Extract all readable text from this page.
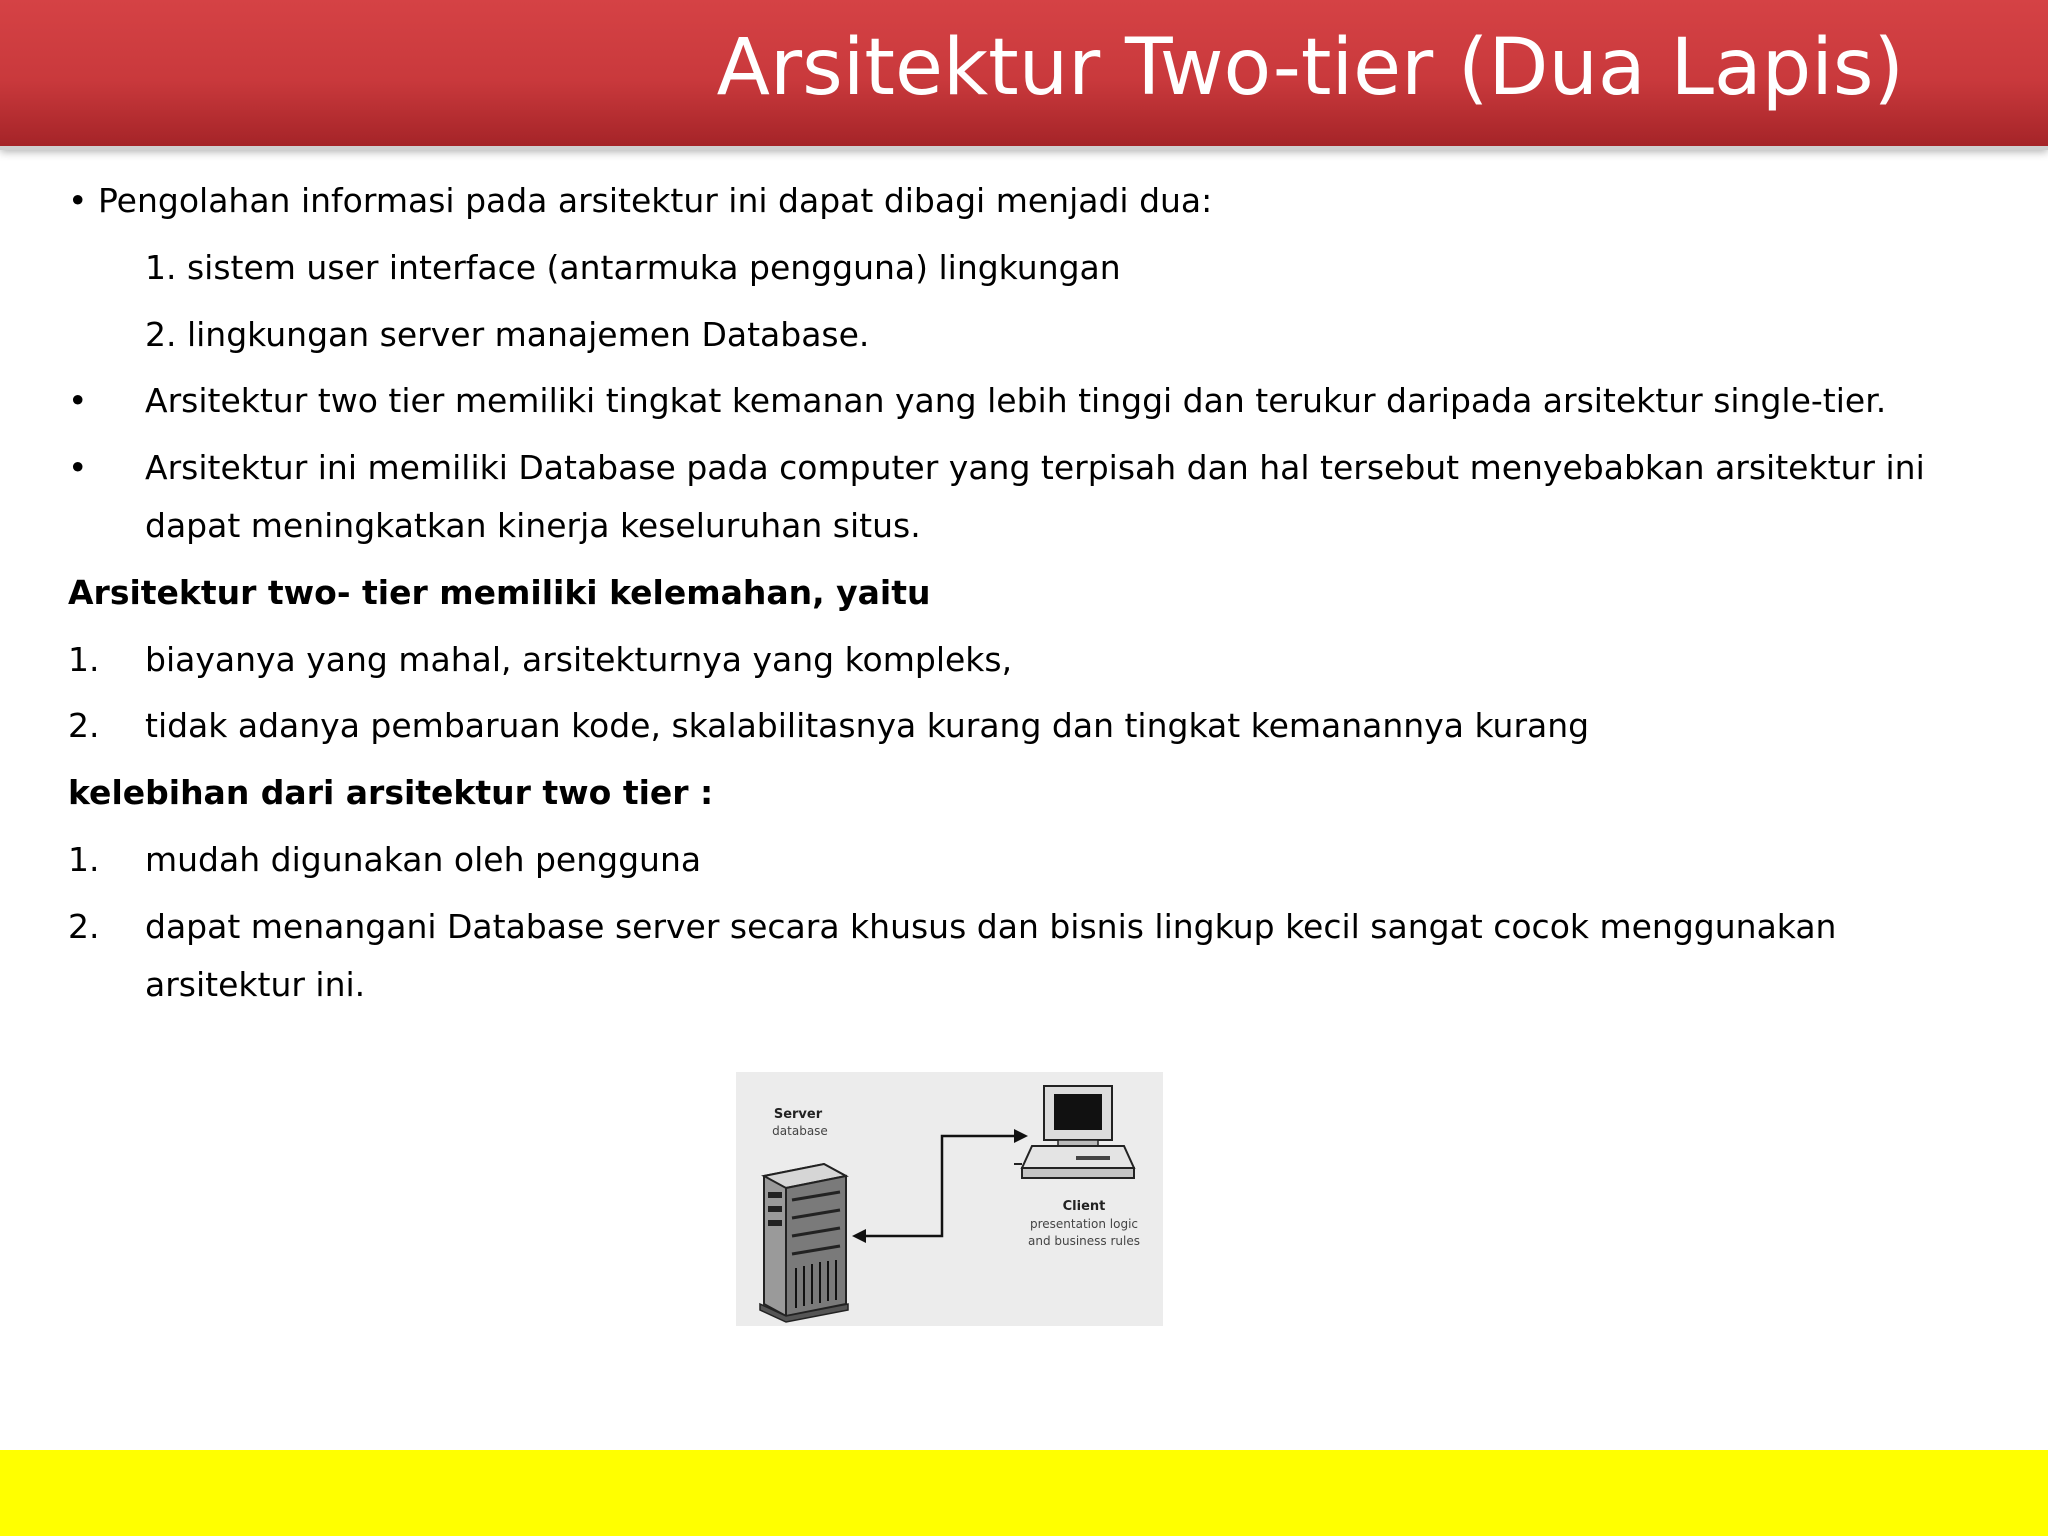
Arsitektur Two-tier (Dua Lapis)
• Pengolahan informasi pada arsitektur ini dapat dibagi menjadi dua:
1. sistem user interface (antarmuka pengguna) lingkungan
2. lingkungan server manajemen Database.
• Arsitektur two tier memiliki tingkat kemanan yang lebih tinggi dan terukur daripada arsitektur single-tier.
• Arsitektur ini memiliki Database pada computer yang terpisah dan hal tersebut menyebabkan arsitektur ini dapat meningkatkan kinerja keseluruhan situs.
Arsitektur two- tier memiliki kelemahan, yaitu
1. biayanya yang mahal, arsitekturnya yang kompleks,
2. tidak adanya pembaruan kode, skalabilitasnya kurang dan tingkat kemanannya kurang
kelebihan dari arsitektur two tier :
1. mudah digunakan oleh pengguna
2. dapat menangani Database server secara khusus dan bisnis lingkup kecil sangat cocok menggunakan arsitektur ini.
Server
database
Client
presentation logic
and business rules
